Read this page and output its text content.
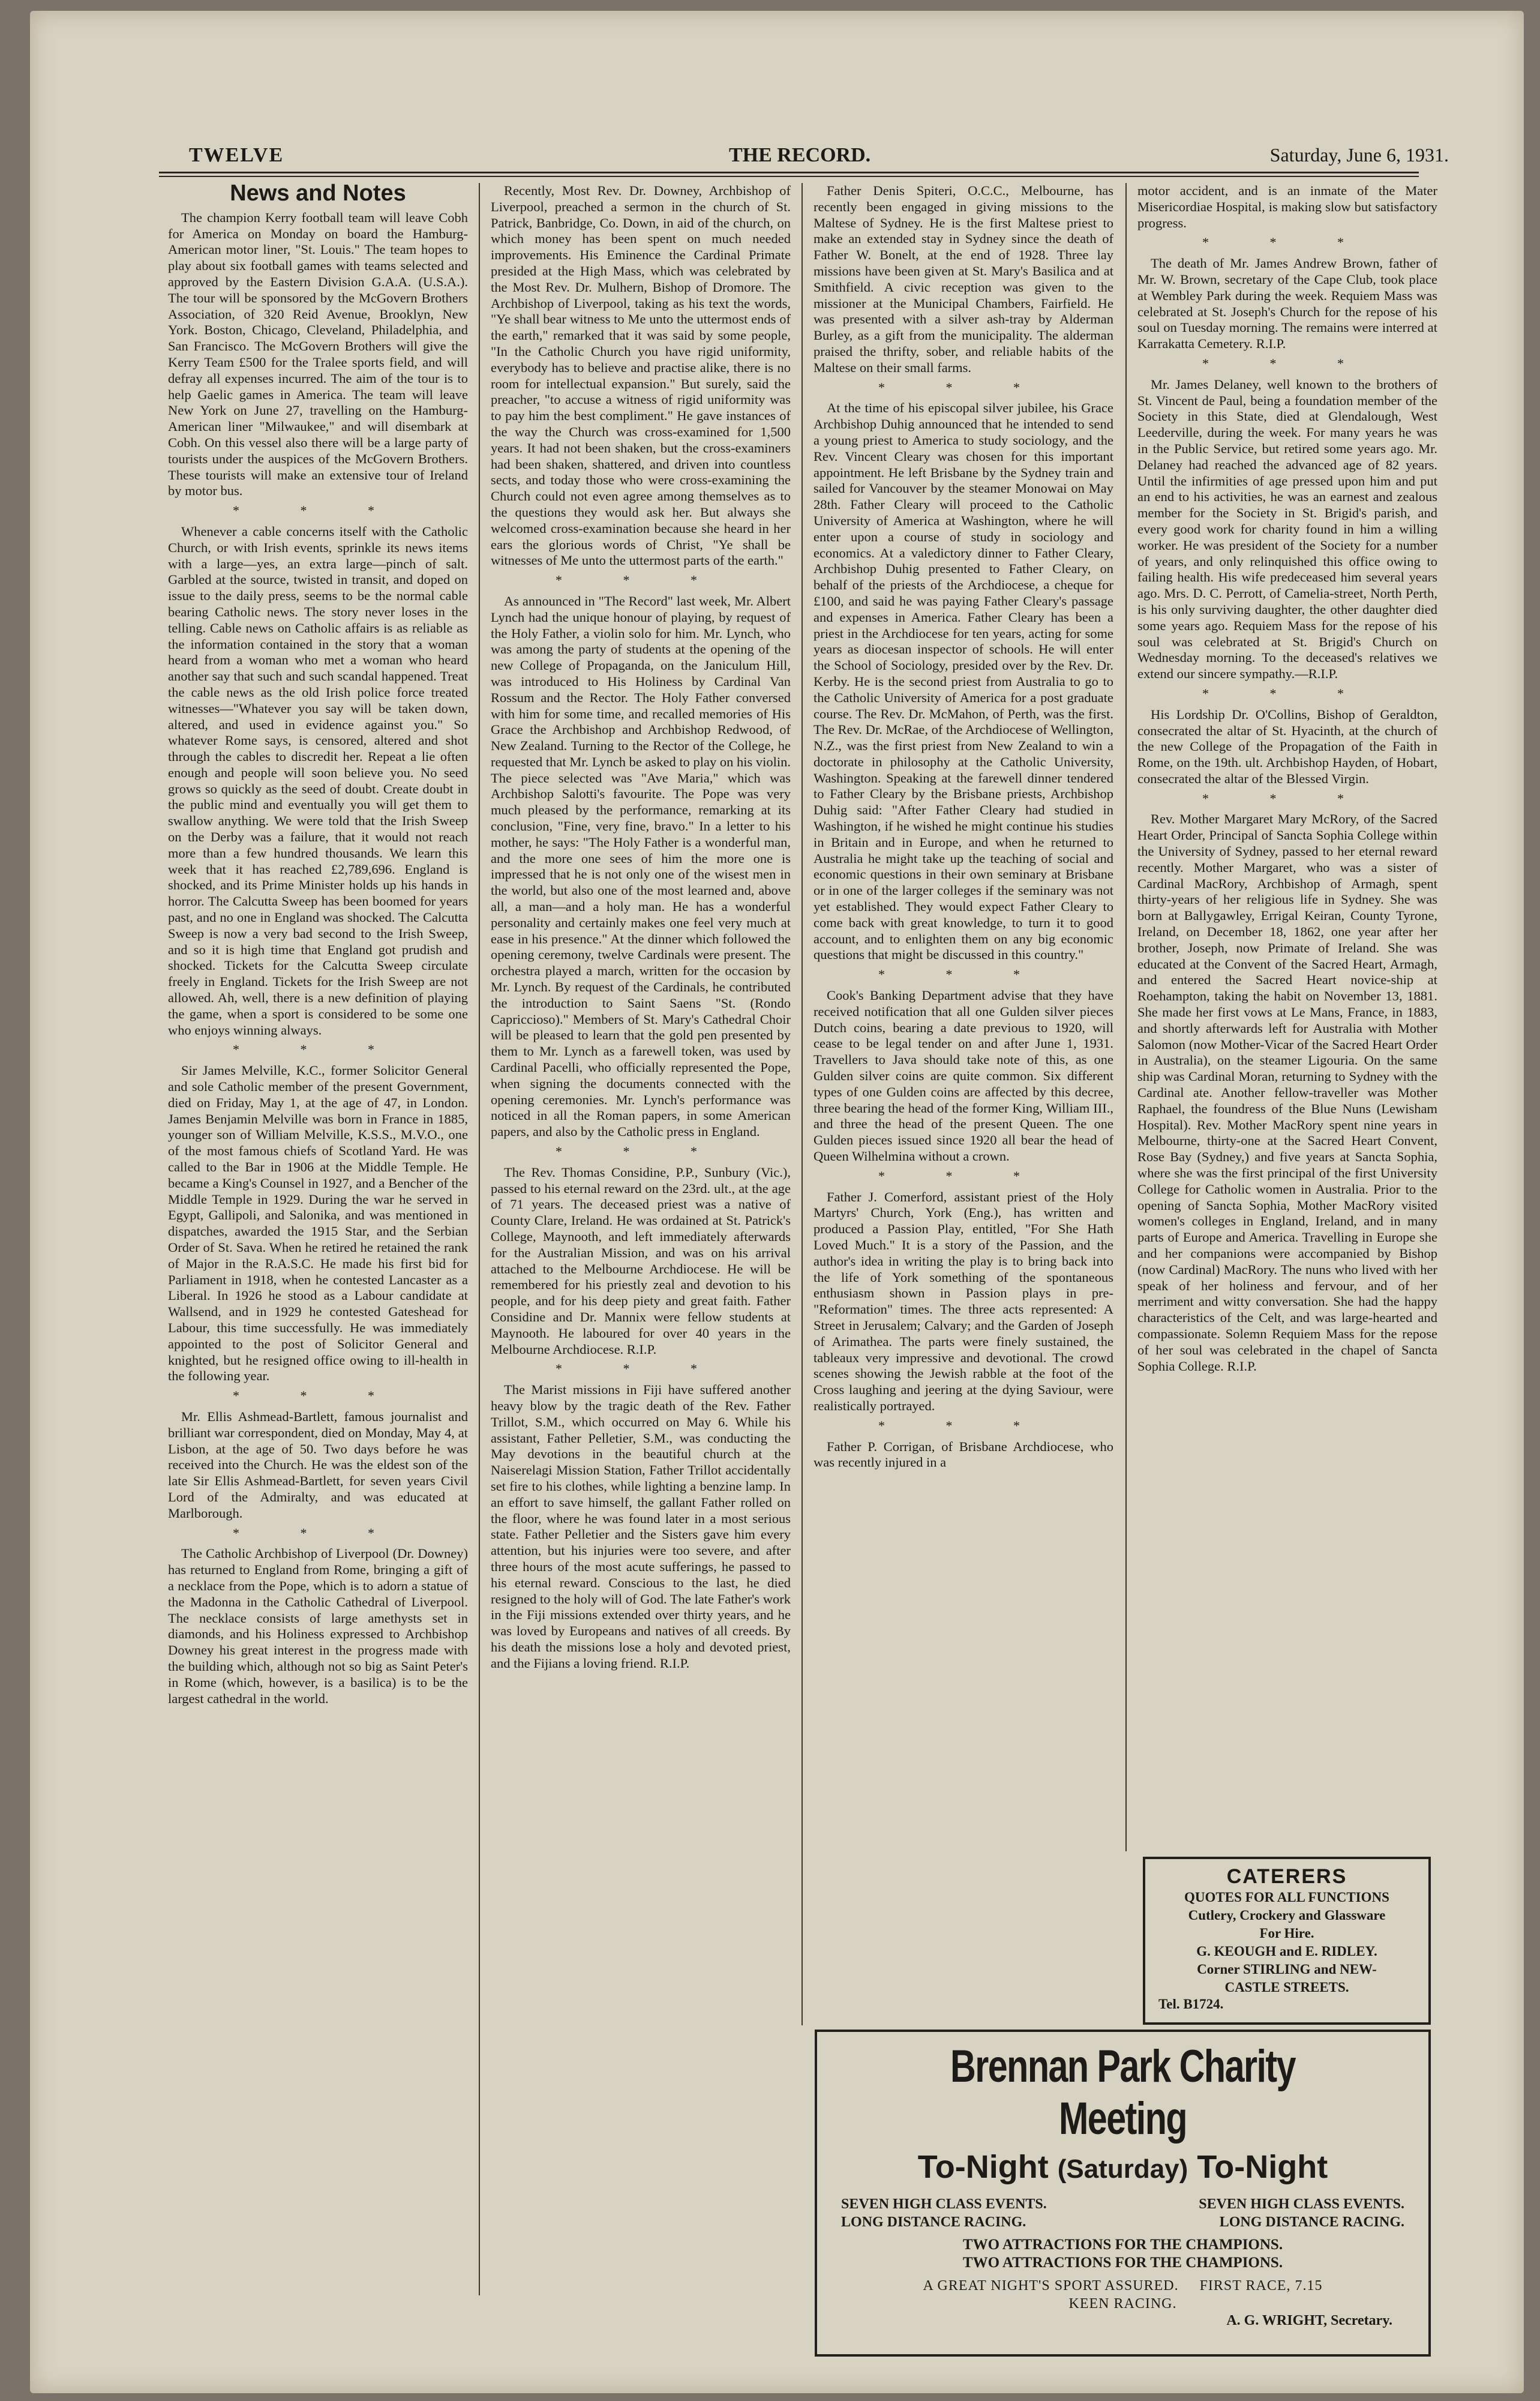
TWELVE	THE RECORD.	Saturday, June 6, 1931.
News and Notes

The champion Kerry football team will leave Cobh for America on Monday on board the Hamburg-American motor liner, "St. Louis." The team hopes to play about six football games with teams selected and approved by the Eastern Division G.A.A. (U.S.A.). The tour will be sponsored by the McGovern Brothers Association, of 320 Reid Avenue, Brooklyn, New York. Boston, Chicago, Cleveland, Philadelphia, and San Francisco. The McGovern Brothers will give the Kerry Team £500 for the Tralee sports field, and will defray all expenses incurred. The aim of the tour is to help Gaelic games in America. The team will leave New York on June 27, travelling on the Hamburg-American liner "Milwaukee," and will disembark at Cobh. On this vessel also there will be a large party of tourists under the auspices of the McGovern Brothers. These tourists will make an extensive tour of Ireland by motor bus.

* * *

Whenever a cable concerns itself with the Catholic Church, or with Irish events, sprinkle its news items with a large—yes, an extra large—pinch of salt. Garbled at the source, twisted in transit, and doped on issue to the daily press, seems to be the normal cable bearing Catholic news. The story never loses in the telling. Cable news on Catholic affairs is as reliable as the information contained in the story that a woman heard from a woman who met a woman who heard another say that such and such scandal happened. Treat the cable news as the old Irish police force treated witnesses—"Whatever you say will be taken down, altered, and used in evidence against you." So whatever Rome says, is censored, altered and shot through the cables to discredit her. Repeat a lie often enough and people will soon believe you. No seed grows so quickly as the seed of doubt. Create doubt in the public mind and eventually you will get them to swallow anything. We were told that the Irish Sweep on the Derby was a failure, that it would not reach more than a few hundred thousands. We learn this week that it has reached £2,789,696. England is shocked, and its Prime Minister holds up his hands in horror. The Calcutta Sweep has been boomed for years past, and no one in England was shocked. The Calcutta Sweep is now a very bad second to the Irish Sweep, and so it is high time that England got prudish and shocked. Tickets for the Calcutta Sweep circulate freely in England. Tickets for the Irish Sweep are not allowed. Ah, well, there is a new definition of playing the game, when a sport is considered to be some one who enjoys winning always.

* * *

Sir James Melville, K.C., former Solicitor General and sole Catholic member of the present Government, died on Friday, May 1, at the age of 47, in London. James Benjamin Melville was born in France in 1885, younger son of William Melville, K.S.S., M.V.O., one of the most famous chiefs of Scotland Yard. He was called to the Bar in 1906 at the Middle Temple. He became a King's Counsel in 1927, and a Bencher of the Middle Temple in 1929. During the war he served in Egypt, Gallipoli, and Salonika, and was mentioned in dispatches, awarded the 1915 Star, and the Serbian Order of St. Sava. When he retired he retained the rank of Major in the R.A.S.C. He made his first bid for Parliament in 1918, when he contested Lancaster as a Liberal. In 1926 he stood as a Labour candidate at Wallsend, and in 1929 he contested Gateshead for Labour, this time successfully. He was immediately appointed to the post of Solicitor General and knighted, but he resigned office owing to ill-health in the following year.

* * *

Mr. Ellis Ashmead-Bartlett, famous journalist and brilliant war correspondent, died on Monday, May 4, at Lisbon, at the age of 50. Two days before he was received into the Church. He was the eldest son of the late Sir Ellis Ashmead-Bartlett, for seven years Civil Lord of the Admiralty, and was educated at Marlborough.

* * *

The Catholic Archbishop of Liverpool (Dr. Downey) has returned to England from Rome, bringing a gift of a necklace from the Pope, which is to adorn a statue of the Madonna in the Catholic Cathedral of Liverpool. The necklace consists of large amethysts set in diamonds, and his Holiness expressed to Archbishop Downey his great interest in the progress made with the building which, although not so big as Saint Peter's in Rome (which, however, is a basilica) is to be the largest cathedral in the world.

Recently, Most Rev. Dr. Downey, Archbishop of Liverpool, preached a sermon in the church of St. Patrick, Banbridge, Co. Down, in aid of the church, on which money has been spent on much needed improvements. His Eminence the Cardinal Primate presided at the High Mass, which was celebrated by the Most Rev. Dr. Mulhern, Bishop of Dromore. The Archbishop of Liverpool, taking as his text the words, "Ye shall bear witness to Me unto the uttermost ends of the earth," remarked that it was said by some people, "In the Catholic Church you have rigid uniformity, everybody has to believe and practise alike, there is no room for intellectual expansion." But surely, said the preacher, "to accuse a witness of rigid uniformity was to pay him the best compliment." He gave instances of the way the Church was cross-examined for 1,500 years. It had not been shaken, but the cross-examiners had been shaken, shattered, and driven into countless sects, and today those who were cross-examining the Church could not even agree among themselves as to the questions they would ask her. But always she welcomed cross-examination because she heard in her ears the glorious words of Christ, "Ye shall be witnesses of Me unto the uttermost parts of the earth."

* * *

As announced in "The Record" last week, Mr. Albert Lynch had the unique honour of playing, by request of the Holy Father, a violin solo for him. Mr. Lynch, who was among the party of students at the opening of the new College of Propaganda, on the Janiculum Hill, was introduced to His Holiness by Cardinal Van Rossum and the Rector. The Holy Father conversed with him for some time, and recalled memories of His Grace the Archbishop and Archbishop Redwood, of New Zealand. Turning to the Rector of the College, he requested that Mr. Lynch be asked to play on his violin. The piece selected was "Ave Maria," which was Archbishop Salotti's favourite. The Pope was very much pleased by the performance, remarking at its conclusion, "Fine, very fine, bravo." In a letter to his mother, he says: "The Holy Father is a wonderful man, and the more one sees of him the more one is impressed that he is not only one of the wisest men in the world, but also one of the most learned and, above all, a man—and a holy man. He has a wonderful personality and certainly makes one feel very much at ease in his presence." At the dinner which followed the opening ceremony, twelve Cardinals were present. The orchestra played a march, written for the occasion by Mr. Lynch. By request of the Cardinals, he contributed the introduction to Saint Saens "St. (Rondo Capriccioso)." Members of St. Mary's Cathedral Choir will be pleased to learn that the gold pen presented by them to Mr. Lynch as a farewell token, was used by Cardinal Pacelli, who officially represented the Pope, when signing the documents connected with the opening ceremonies. Mr. Lynch's performance was noticed in all the Roman papers, in some American papers, and also by the Catholic press in England.

* * *

The Rev. Thomas Considine, P.P., Sunbury (Vic.), passed to his eternal reward on the 23rd. ult., at the age of 71 years. The deceased priest was a native of County Clare, Ireland. He was ordained at St. Patrick's College, Maynooth, and left immediately afterwards for the Australian Mission, and was on his arrival attached to the Melbourne Archdiocese. He will be remembered for his priestly zeal and devotion to his people, and for his deep piety and great faith. Father Considine and Dr. Mannix were fellow students at Maynooth. He laboured for over 40 years in the Melbourne Archdiocese. R.I.P.

* * *

The Marist missions in Fiji have suffered another heavy blow by the tragic death of the Rev. Father Trillot, S.M., which occurred on May 6. While his assistant, Father Pelletier, S.M., was conducting the May devotions in the beautiful church at the Naiserelagi Mission Station, Father Trillot accidentally set fire to his clothes, while lighting a benzine lamp. In an effort to save himself, the gallant Father rolled on the floor, where he was found later in a most serious state. Father Pelletier and the Sisters gave him every attention, but his injuries were too severe, and after three hours of the most acute sufferings, he passed to his eternal reward. Conscious to the last, he died resigned to the holy will of God. The late Father's work in the Fiji missions extended over thirty years, and he was loved by Europeans and natives of all creeds. By his death the missions lose a holy and devoted priest, and the Fijians a loving friend. R.I.P.

Father Denis Spiteri, O.C.C., Melbourne, has recently been engaged in giving missions to the Maltese of Sydney. He is the first Maltese priest to make an extended stay in Sydney since the death of Father W. Bonelt, at the end of 1928. Three lay missions have been given at St. Mary's Basilica and at Smithfield. A civic reception was given to the missioner at the Municipal Chambers, Fairfield. He was presented with a silver ash-tray by Alderman Burley, as a gift from the municipality. The alderman praised the thrifty, sober, and reliable habits of the Maltese on their small farms.

* * *

At the time of his episcopal silver jubilee, his Grace Archbishop Duhig announced that he intended to send a young priest to America to study sociology, and the Rev. Vincent Cleary was chosen for this important appointment. He left Brisbane by the Sydney train and sailed for Vancouver by the steamer Monowai on May 28th. Father Cleary will proceed to the Catholic University of America at Washington, where he will enter upon a course of study in sociology and economics. At a valedictory dinner to Father Cleary, Archbishop Duhig presented to Father Cleary, on behalf of the priests of the Archdiocese, a cheque for £100, and said he was paying Father Cleary's passage and expenses in America. Father Cleary has been a priest in the Archdiocese for ten years, acting for some years as diocesan inspector of schools. He will enter the School of Sociology, presided over by the Rev. Dr. Kerby. He is the second priest from Australia to go to the Catholic University of America for a post graduate course. The Rev. Dr. McMahon, of Perth, was the first. The Rev. Dr. McRae, of the Archdiocese of Wellington, N.Z., was the first priest from New Zealand to win a doctorate in philosophy at the Catholic University, Washington. Speaking at the farewell dinner tendered to Father Cleary by the Brisbane priests, Archbishop Duhig said: "After Father Cleary had studied in Washington, if he wished he might continue his studies in Britain and in Europe, and when he returned to Australia he might take up the teaching of social and economic questions in their own seminary at Brisbane or in one of the larger colleges if the seminary was not yet established. They would expect Father Cleary to come back with great knowledge, to turn it to good account, and to enlighten them on any big economic questions that might be discussed in this country."

* * *

Cook's Banking Department advise that they have received notification that all one Gulden silver pieces Dutch coins, bearing a date previous to 1920, will cease to be legal tender on and after June 1, 1931. Travellers to Java should take note of this, as one Gulden silver coins are quite common. Six different types of one Gulden coins are affected by this decree, three bearing the head of the former King, William III., and three the head of the present Queen. The one Gulden pieces issued since 1920 all bear the head of Queen Wilhelmina without a crown.

* * *

Father J. Comerford, assistant priest of the Holy Martyrs' Church, York (Eng.), has written and produced a Passion Play, entitled, "For She Hath Loved Much." It is a story of the Passion, and the author's idea in writing the play is to bring back into the life of York something of the spontaneous enthusiasm shown in Passion plays in pre-"Reformation" times. The three acts represented: A Street in Jerusalem; Calvary; and the Garden of Joseph of Arimathea. The parts were finely sustained, the tableaux very impressive and devotional. The crowd scenes showing the Jewish rabble at the foot of the Cross laughing and jeering at the dying Saviour, were realistically portrayed.

* * *

Father P. Corrigan, of Brisbane Archdiocese, who was recently injured in a

motor accident, and is an inmate of the Mater Misericordiae Hospital, is making slow but satisfactory progress.

* * *

The death of Mr. James Andrew Brown, father of Mr. W. Brown, secretary of the Cape Club, took place at Wembley Park during the week. Requiem Mass was celebrated at St. Joseph's Church for the repose of his soul on Tuesday morning. The remains were interred at Karrakatta Cemetery. R.I.P.

* * *

Mr. James Delaney, well known to the brothers of St. Vincent de Paul, being a foundation member of the Society in this State, died at Glendalough, West Leederville, during the week. For many years he was in the Public Service, but retired some years ago. Mr. Delaney had reached the advanced age of 82 years. Until the infirmities of age pressed upon him and put an end to his activities, he was an earnest and zealous member for the Society in St. Brigid's parish, and every good work for charity found in him a willing worker. He was president of the Society for a number of years, and only relinquished this office owing to failing health. His wife predeceased him several years ago. Mrs. D. C. Perrott, of Camelia-street, North Perth, is his only surviving daughter, the other daughter died some years ago. Requiem Mass for the repose of his soul was celebrated at St. Brigid's Church on Wednesday morning. To the deceased's relatives we extend our sincere sympathy.—R.I.P.

* * *

His Lordship Dr. O'Collins, Bishop of Geraldton, consecrated the altar of St. Hyacinth, at the church of the new College of the Propagation of the Faith in Rome, on the 19th. ult. Archbishop Hayden, of Hobart, consecrated the altar of the Blessed Virgin.

* * *

Rev. Mother Margaret Mary McRory, of the Sacred Heart Order, Principal of Sancta Sophia College within the University of Sydney, passed to her eternal reward recently. Mother Margaret, who was a sister of Cardinal MacRory, Archbishop of Armagh, spent thirty-years of her religious life in Sydney. She was born at Ballygawley, Errigal Keiran, County Tyrone, Ireland, on December 18, 1862, one year after her brother, Joseph, now Primate of Ireland. She was educated at the Convent of the Sacred Heart, Armagh, and entered the Sacred Heart novice-ship at Roehampton, taking the habit on November 13, 1881. She made her first vows at Le Mans, France, in 1883, and shortly afterwards left for Australia with Mother Salomon (now Mother-Vicar of the Sacred Heart Order in Australia), on the steamer Ligouria. On the same ship was Cardinal Moran, returning to Sydney with the Cardinal ate. Another fellow-traveller was Mother Raphael, the foundress of the Blue Nuns (Lewisham Hospital). Rev. Mother MacRory spent nine years in Melbourne, thirty-one at the Sacred Heart Convent, Rose Bay (Sydney,) and five years at Sancta Sophia, where she was the first principal of the first University College for Catholic women in Australia. Prior to the opening of Sancta Sophia, Mother MacRory visited women's colleges in England, Ireland, and in many parts of Europe and America. Travelling in Europe she and her companions were accompanied by Bishop (now Cardinal) MacRory. The nuns who lived with her speak of her holiness and fervour, and of her merriment and witty conversation. She had the happy characteristics of the Celt, and was large-hearted and compassionate. Solemn Requiem Mass for the repose of her soul was celebrated in the chapel of Sancta Sophia College. R.I.P.

CATERERS
QUOTES FOR ALL FUNCTIONS
Cutlery, Crockery and Glassware
For Hire.
G. KEOUGH and E. RIDLEY.
Corner STIRLING and NEW-
CASTLE STREETS.
Tel. B1724.
Brennan Park Charity Meeting
To-Night (Saturday) To-Night
SEVEN HIGH CLASS EVENTS.	SEVEN HIGH CLASS EVENTS.
LONG DISTANCE RACING.	LONG DISTANCE RACING.
TWO ATTRACTIONS FOR THE CHAMPIONS.
TWO ATTRACTIONS FOR THE CHAMPIONS.
A GREAT NIGHT'S SPORT ASSURED.     FIRST RACE, 7.15
KEEN RACING.
A. G. WRIGHT, Secretary.
